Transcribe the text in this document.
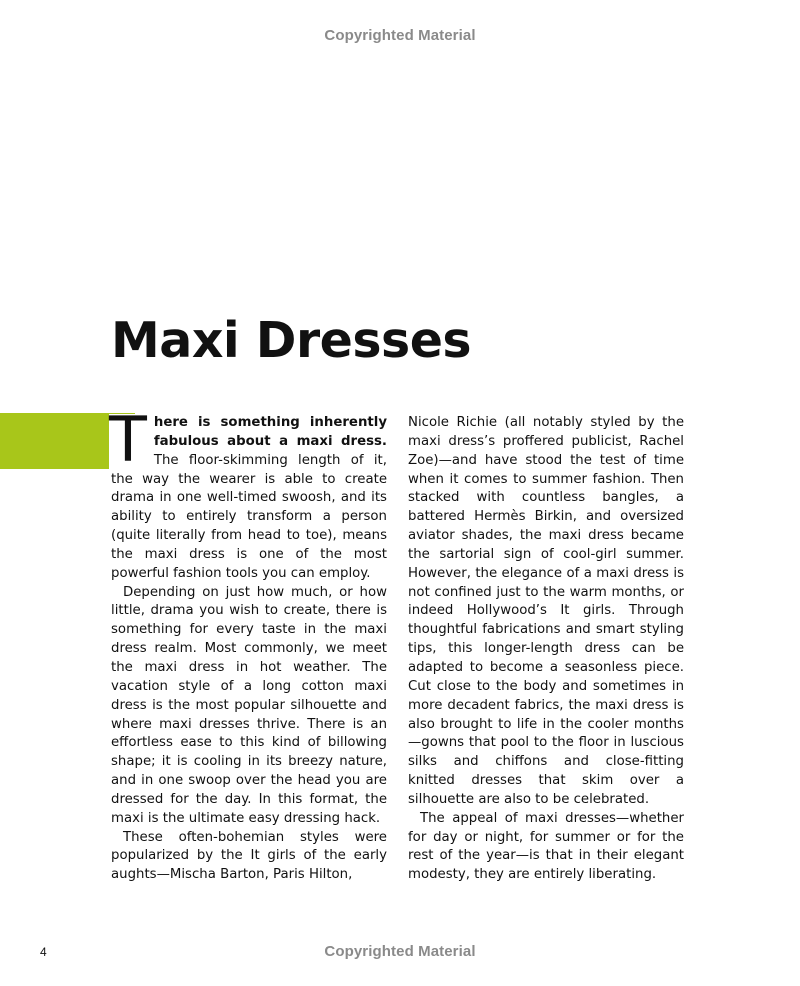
Copyrighted Material
Maxi Dresses

T here is something inherently fabulous about a maxi dress. The floor-skimming length of it, the way the wearer is able to create drama in one well-timed swoosh, and its ability to entirely transform a person (quite literally from head to toe), means the maxi dress is one of the most powerful fashion tools you can employ.

Depending on just how much, or how little, drama you wish to create, there is something for every taste in the maxi dress realm. Most commonly, we meet the maxi dress in hot weather. The vacation style of a long cotton maxi dress is the most popular silhouette and where maxi dresses thrive. There is an effortless ease to this kind of billowing shape; it is cooling in its breezy nature, and in one swoop over the head you are dressed for the day. In this format, the maxi is the ultimate easy dressing hack.

These often-bohemian styles were popularized by the It girls of the early aughts—Mischa Barton, Paris Hilton,

Nicole Richie (all notably styled by the maxi dress’s proffered publicist, Rachel Zoe)—and have stood the test of time when it comes to summer fashion. Then stacked with countless bangles, a battered Hermès Birkin, and oversized aviator shades, the maxi dress became the sartorial sign of cool-girl summer. However, the elegance of a maxi dress is not confined just to the warm months, or indeed Hollywood’s It girls. Through thoughtful fabrications and smart styling tips, this longer-length dress can be adapted to become a seasonless piece. Cut close to the body and sometimes in more decadent fabrics, the maxi dress is also brought to life in the cooler months —gowns that pool to the floor in luscious silks and chiffons and close-fitting knitted dresses that skim over a silhouette are also to be celebrated.

The appeal of maxi dresses—whether for day or night, for summer or for the rest of the year—is that in their elegant modesty, they are entirely liberating.

4	Copyrighted Material
